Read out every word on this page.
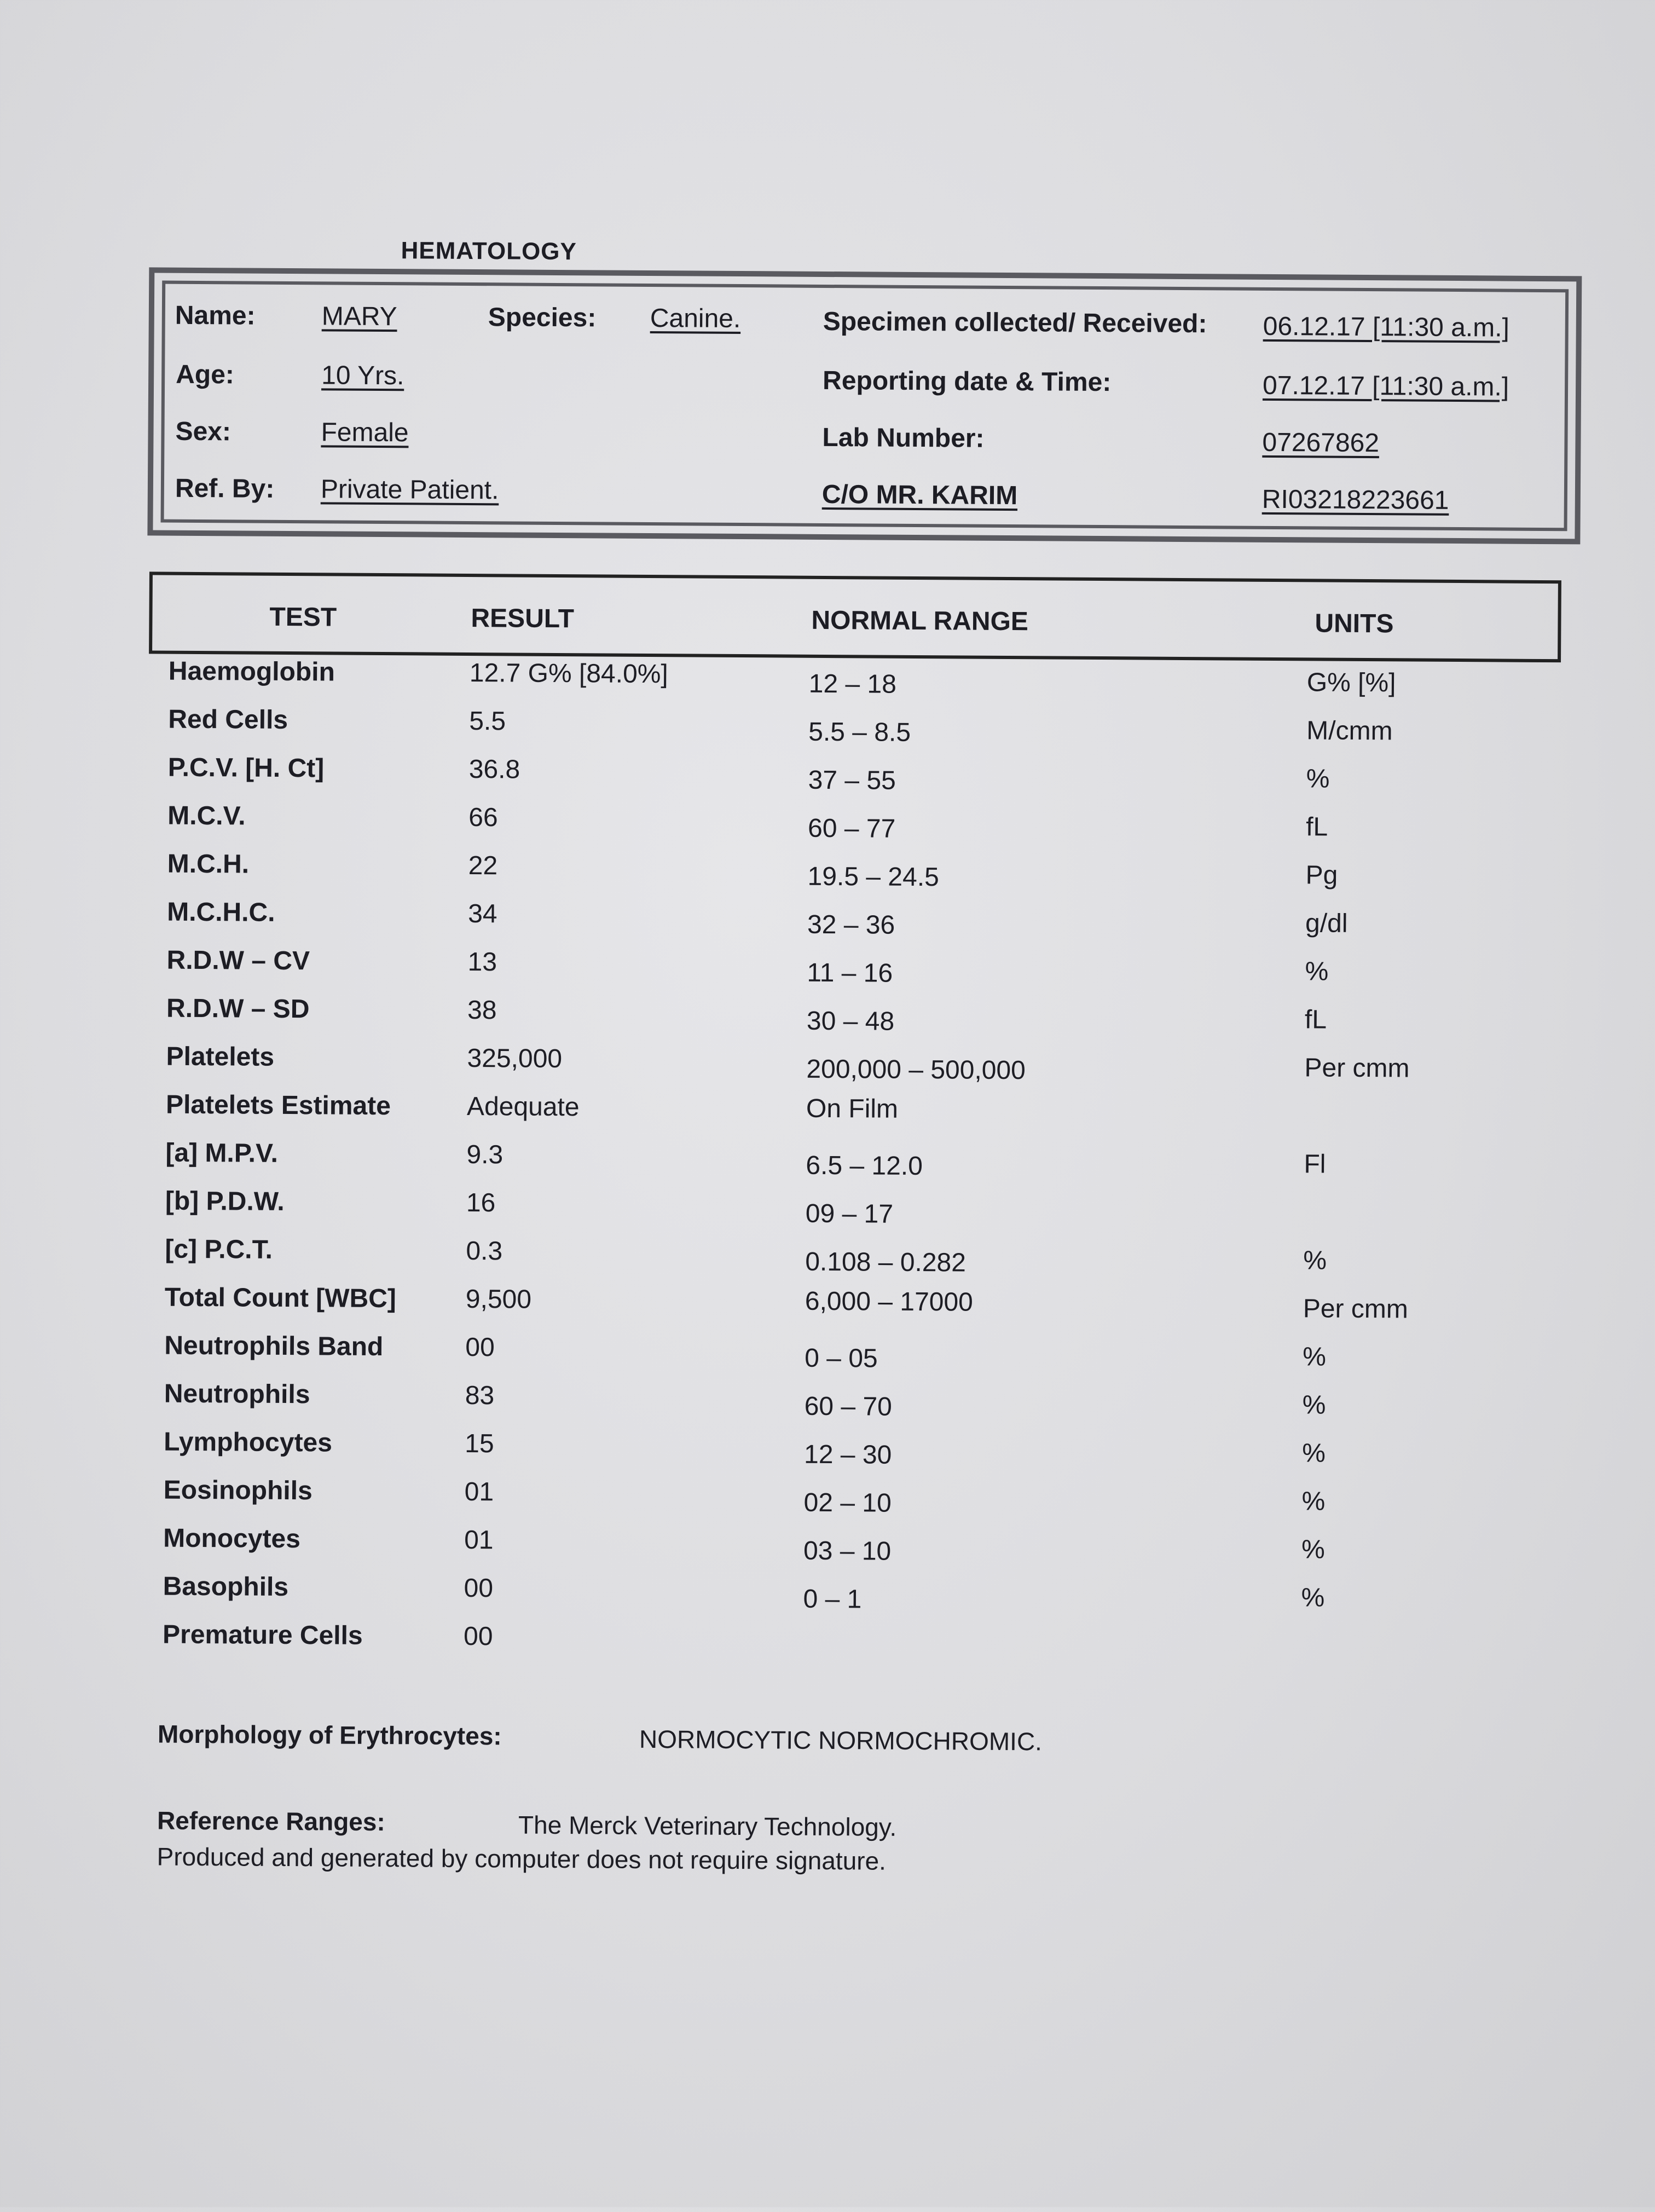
HEMATOLOGY
Name:	MARY	Species: Canine.
Age:	10 Yrs.
Sex:	Female
Ref. By: Private Patient.
Specimen collected/ Received: 06.12.17 [11:30 a.m.]
Reporting date & Time:	07.12.17 [11:30 a.m.]
Lab Number:	07267862
C/O MR. KARIM	RI03218223661
TEST	RESULT	NORMAL RANGE	UNITS
Haemoglobin	12.7 G% [84.0%]	12 – 18	G% [%]
Red Cells	5.5	5.5 – 8.5	M/cmm
P.C.V. [H. Ct]	36.8	37 – 55	%
M.C.V.	66	60 – 77	fL
M.C.H.	22	19.5 – 24.5	Pg
M.C.H.C.	34	32 – 36	g/dl
R.D.W – CV	13	11 – 16	%
R.D.W – SD	38	30 – 48	fL
Platelets	325,000	200,000 – 500,000	Per cmm
Platelets Estimate	Adequate	On Film
[a] M.P.V.	9.3	6.5 – 12.0	Fl
[b] P.D.W.	16	09 – 17
[c] P.C.T.	0.3	0.108 – 0.282	%
Total Count [WBC]	9,500	6,000 – 17000	Per cmm
Neutrophils Band	00	0 – 05	%
Neutrophils	83	60 – 70	%
Lymphocytes	15	12 – 30	%
Eosinophils	01	02 – 10	%
Monocytes	01	03 – 10	%
Basophils	00	0 – 1	%
Premature Cells	00
Morphology of Erythrocytes:	NORMOCYTIC NORMOCHROMIC.
Reference Ranges:	The Merck Veterinary Technology.
Produced and generated by computer does not require signature.
